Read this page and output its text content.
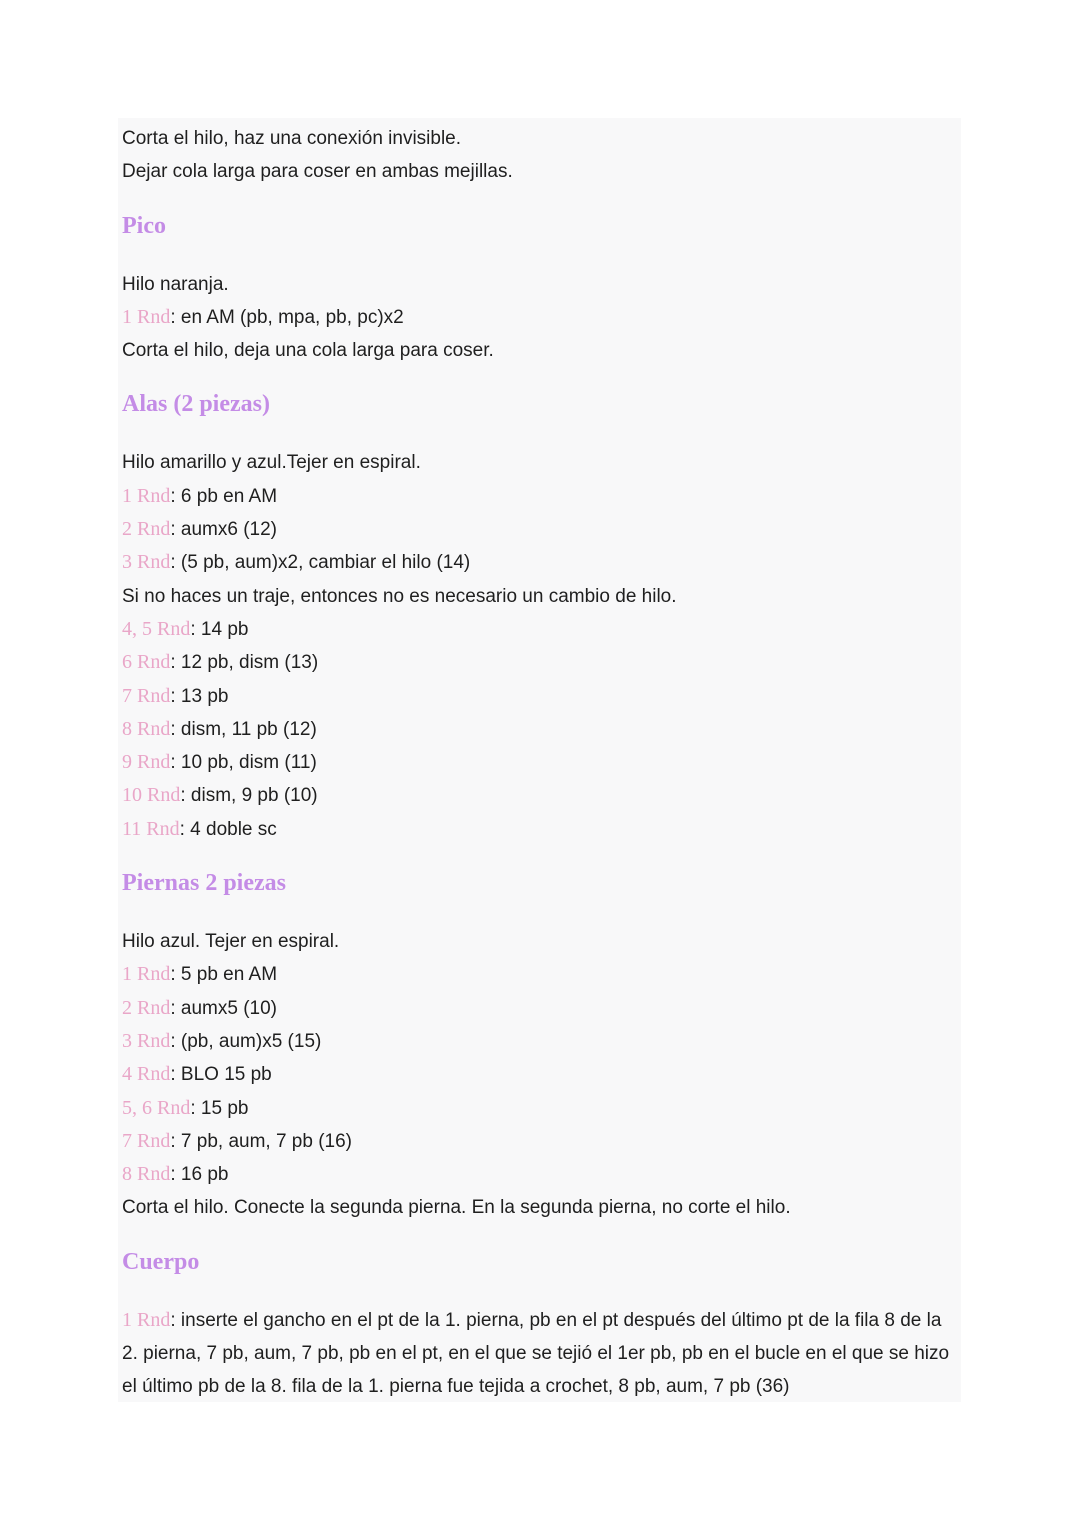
Corta el hilo, haz una conexión invisible.

Dejar cola larga para coser en ambas mejillas.

Pico

Hilo naranja.

1 Rnd: en AM (pb, mpa, pb, pc)x2

Corta el hilo, deja una cola larga para coser.

Alas (2 piezas)

Hilo amarillo y azul.Tejer en espiral.

1 Rnd: 6 pb en AM

2 Rnd: aumx6 (12)

3 Rnd: (5 pb, aum)x2, cambiar el hilo (14)

Si no haces un traje, entonces no es necesario un cambio de hilo.

4, 5 Rnd: 14 pb

6 Rnd: 12 pb, dism (13)

7 Rnd: 13 pb

8 Rnd: dism, 11 pb (12)

9 Rnd: 10 pb, dism (11)

10 Rnd: dism, 9 pb (10)

11 Rnd: 4 doble sc

Piernas 2 piezas

Hilo azul. Tejer en espiral.

1 Rnd: 5 pb en AM

2 Rnd: aumx5 (10)

3 Rnd: (pb, aum)x5 (15)

4 Rnd: BLO 15 pb

5, 6 Rnd: 15 pb

7 Rnd: 7 pb, aum, 7 pb (16)

8 Rnd: 16 pb

Corta el hilo. Conecte la segunda pierna. En la segunda pierna, no corte el hilo.

Cuerpo

1 Rnd: inserte el gancho en el pt de la 1. pierna, pb en el pt después del último pt de la fila 8 de la 2. pierna, 7 pb, aum, 7 pb, pb en el pt, en el que se tejió el 1er pb, pb en el bucle en el que se hizo el último pb de la 8. fila de la 1. pierna fue tejida a crochet, 8 pb, aum, 7 pb (36)
